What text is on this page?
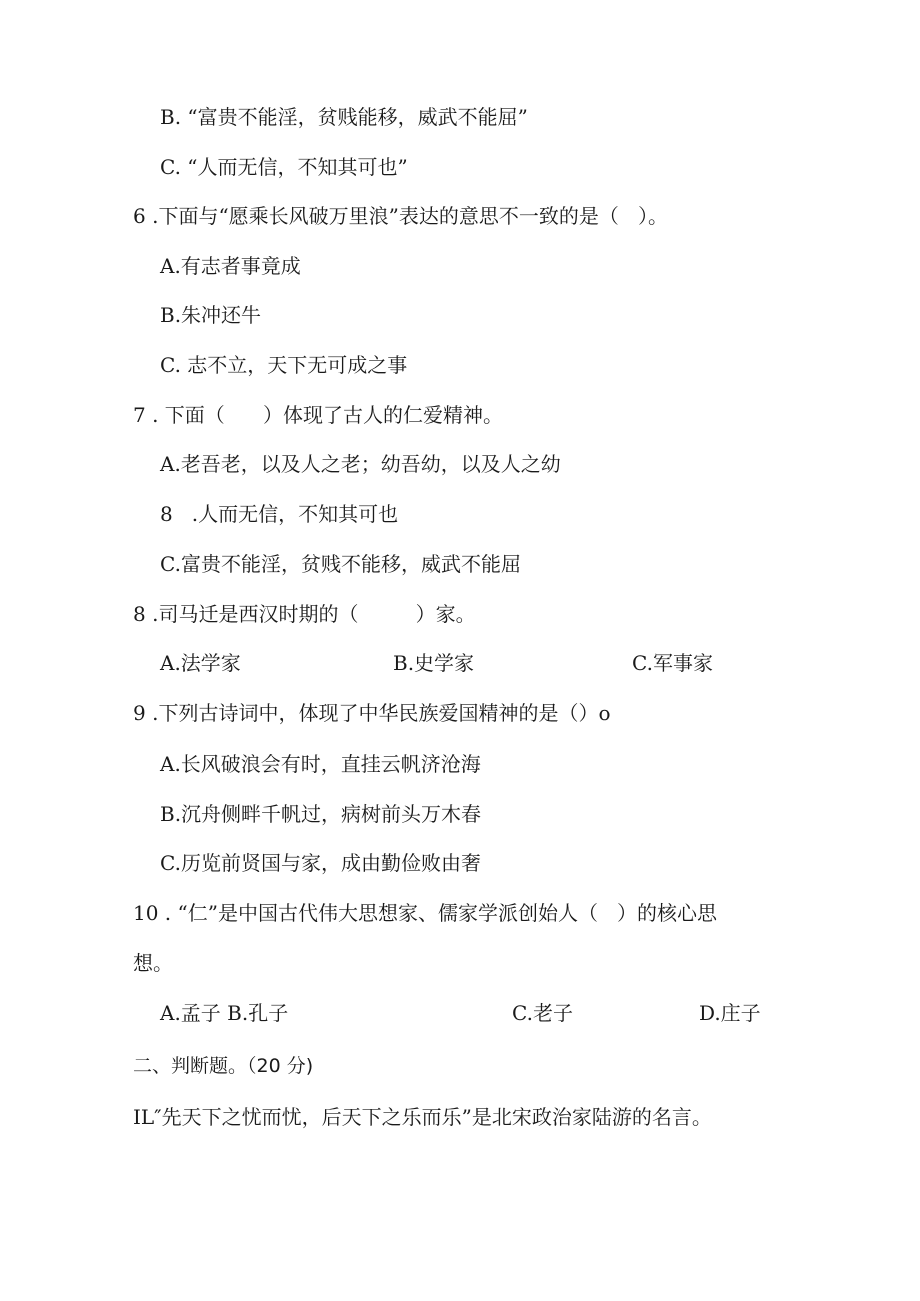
B. “富贵不能淫，贫贱能移，威武不能屈”
C. “人而无信，不知其可也”
6 .下面与“愿乘长风破万里浪”表达的意思不一致的是（   ）。
A.有志者事竟成
B.朱冲还牛
C. 志不立，天下无可成之事
7 . 下面（      ）体现了古人的仁爱精神。
A.老吾老，以及人之老；幼吾幼，以及人之幼
8   .人而无信，不知其可也
C.富贵不能淫，贫贱不能移，威武不能屈
8 .司马迁是西汉时期的（         ）家。
A.法学家	B.史学家	C.军事家
9 .下列古诗词中，体现了中华民族爱国精神的是（）o
A.长风破浪会有时，直挂云帆济沧海
B.沉舟侧畔千帆过，病树前头万木春
C.历览前贤国与家，成由勤俭败由奢
10 . “仁”是中国古代伟大思想家、儒家学派创始人（   ）的核心思
想。
A.孟子 B.孔子	C.老子	D.庄子
二、判断题。（20 分)
IL″先天下之忧而忧，后天下之乐而乐”是北宋政治家陆游的名言。
